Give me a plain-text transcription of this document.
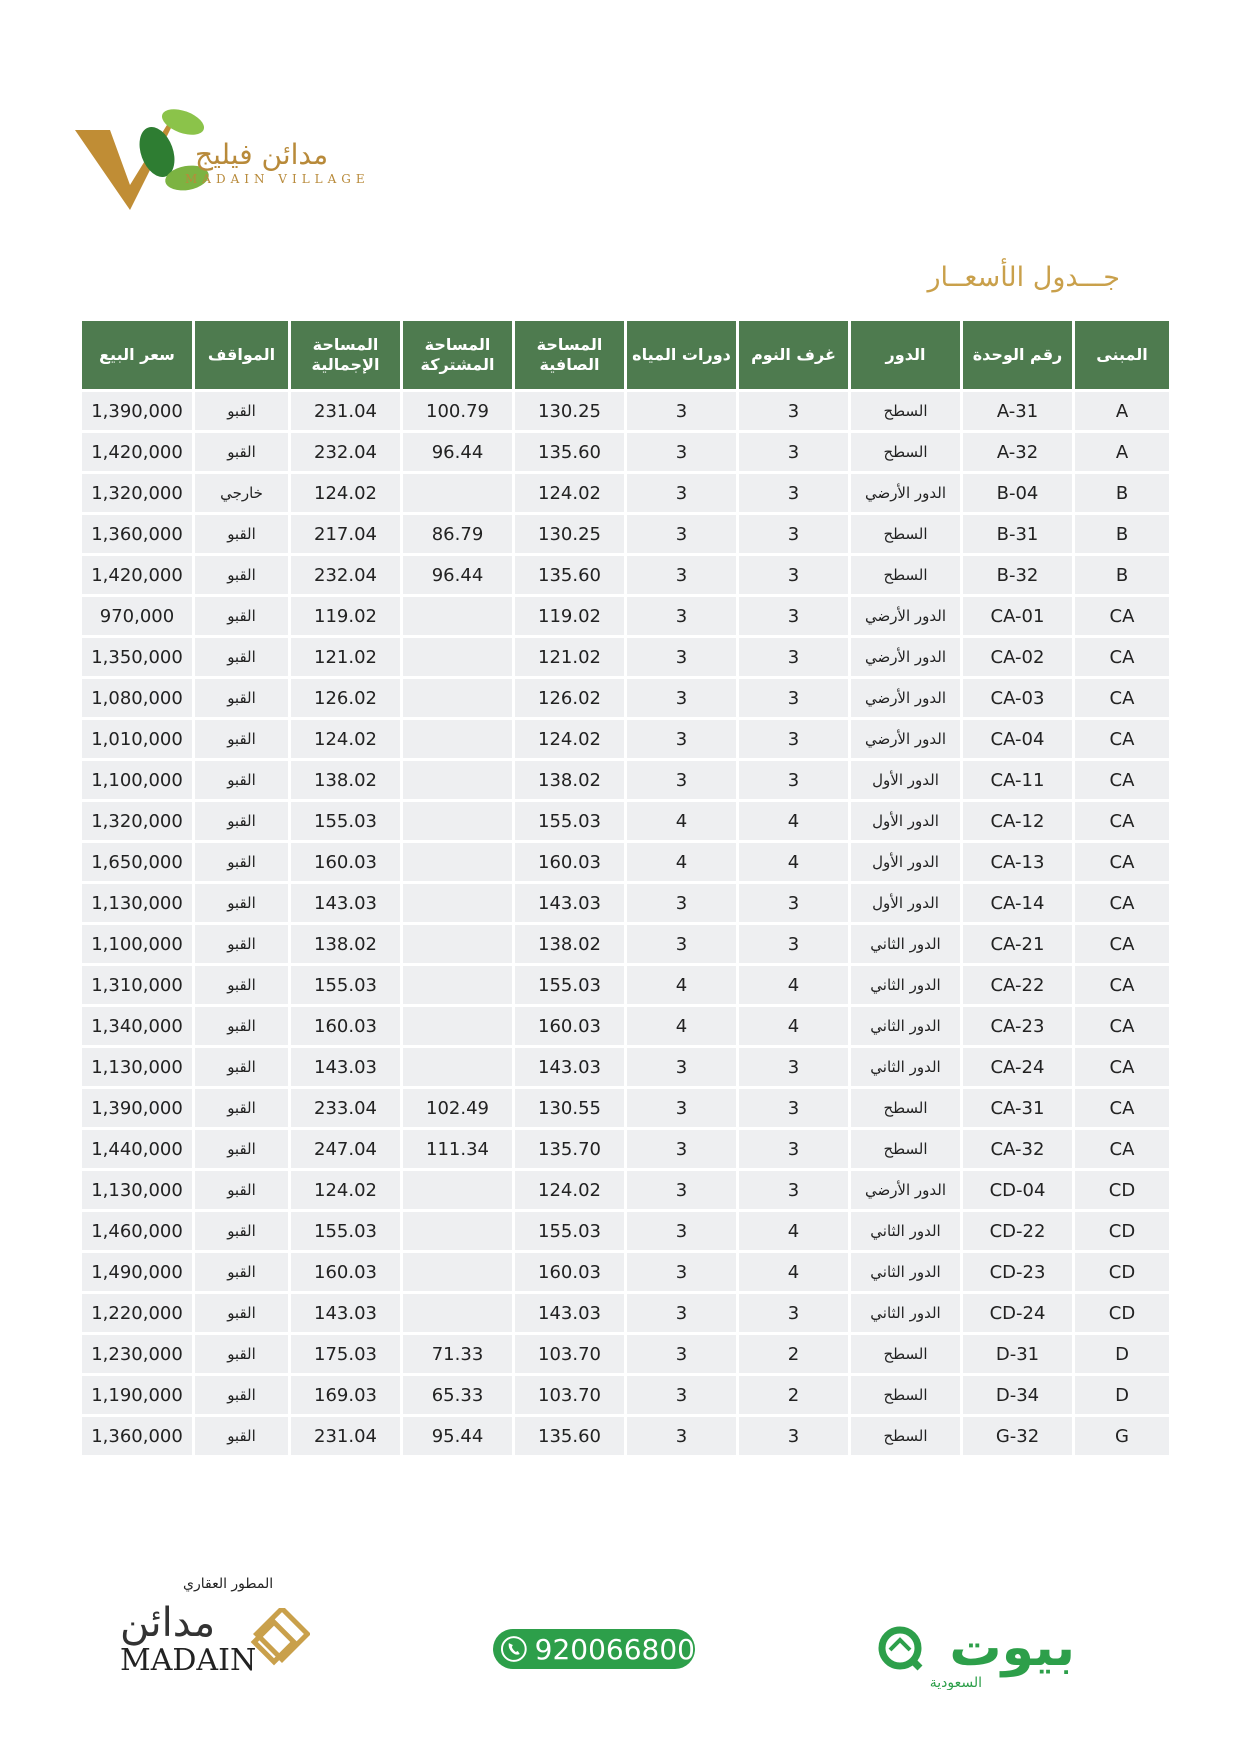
مدائن فيليج
MADAIN VILLAGE
جـــدول الأسعــار
سعر البيع	المواقف	المساحة الإجمالية	المساحة المشتركة	المساحة الصافية	دورات المياه	غرف النوم	الدور	رقم الوحدة	المبنى
1,390,000	القبو	231.04	100.79	130.25	3	3	السطح	A-31	A
1,420,000	القبو	232.04	96.44	135.60	3	3	السطح	A-32	A
1,320,000	خارجي	124.02		124.02	3	3	الدور الأرضي	B-04	B
1,360,000	القبو	217.04	86.79	130.25	3	3	السطح	B-31	B
1,420,000	القبو	232.04	96.44	135.60	3	3	السطح	B-32	B
970,000	القبو	119.02		119.02	3	3	الدور الأرضي	CA-01	CA
1,350,000	القبو	121.02		121.02	3	3	الدور الأرضي	CA-02	CA
1,080,000	القبو	126.02		126.02	3	3	الدور الأرضي	CA-03	CA
1,010,000	القبو	124.02		124.02	3	3	الدور الأرضي	CA-04	CA
1,100,000	القبو	138.02		138.02	3	3	الدور الأول	CA-11	CA
1,320,000	القبو	155.03		155.03	4	4	الدور الأول	CA-12	CA
1,650,000	القبو	160.03		160.03	4	4	الدور الأول	CA-13	CA
1,130,000	القبو	143.03		143.03	3	3	الدور الأول	CA-14	CA
1,100,000	القبو	138.02		138.02	3	3	الدور الثاني	CA-21	CA
1,310,000	القبو	155.03		155.03	4	4	الدور الثاني	CA-22	CA
1,340,000	القبو	160.03		160.03	4	4	الدور الثاني	CA-23	CA
1,130,000	القبو	143.03		143.03	3	3	الدور الثاني	CA-24	CA
1,390,000	القبو	233.04	102.49	130.55	3	3	السطح	CA-31	CA
1,440,000	القبو	247.04	111.34	135.70	3	3	السطح	CA-32	CA
1,130,000	القبو	124.02		124.02	3	3	الدور الأرضي	CD-04	CD
1,460,000	القبو	155.03		155.03	3	4	الدور الثاني	CD-22	CD
1,490,000	القبو	160.03		160.03	3	4	الدور الثاني	CD-23	CD
1,220,000	القبو	143.03		143.03	3	3	الدور الثاني	CD-24	CD
1,230,000	القبو	175.03	71.33	103.70	3	2	السطح	D-31	D
1,190,000	القبو	169.03	65.33	103.70	3	2	السطح	D-34	D
1,360,000	القبو	231.04	95.44	135.60	3	3	السطح	G-32	G
المطور العقاري
مدائن
MADAIN	920066800	بيوت
السعودية
